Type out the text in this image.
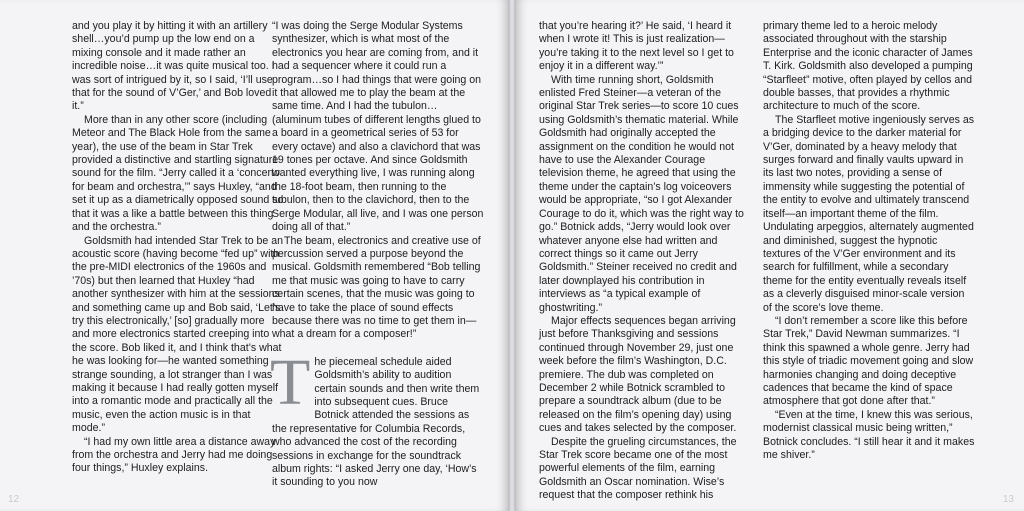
and you play it by hitting it with an artillery shell…you’d pump up the low end on a mixing console and it made rather an incredible noise…it was quite musical too. I was sort of intrigued by it, so I said, ‘I’ll use that for the sound of V’Ger,’ and Bob loved it.”

More than in any other score (including Meteor and The Black Hole from the same year), the use of the beam in Star Trek provided a distinctive and startling signature sound for the film. “Jerry called it a ‘concerto for beam and orchestra,’” says Huxley, “and set it up as a diametrically opposed sound so that it was a like a battle between this thing and the orchestra.”

Goldsmith had intended Star Trek to be an acoustic score (having become “fed up” with the pre-MIDI electronics of the 1960s and ’70s) but then learned that Huxley “had another synthesizer with him at the sessions and something came up and Bob said, ‘Let’s try this electronically,’ [so] gradually more and more electronics started creeping into the score. Bob liked it, and I think that’s what he was looking for—he wanted something strange sounding, a lot stranger than I was making it because I had really gotten myself into a romantic mode and practically all the music, even the action music is in that mode.”

“I had my own little area a distance away from the orchestra and Jerry had me doing four things,” Huxley explains.

“I was doing the Serge Modular Systems synthesizer, which is what most of the electronics you hear are coming from, and it had a sequencer where it could run a program…so I had things that were going on it that allowed me to play the beam at the same time. And I had the tubulon… (aluminum tubes of different lengths glued to a board in a geometrical series of 53 for every octave) and also a clavichord that was 19 tones per octave. And since Goldsmith wanted everything live, I was running along the 18-foot beam, then running to the tubulon, then to the clavichord, then to the Serge Modular, all live, and I was one person doing all of that.”

The beam, electronics and creative use of percussion served a purpose beyond the musical. Goldsmith remembered “Bob telling me that music was going to have to carry certain scenes, that the music was going to have to take the place of sound effects because there was no time to get them in—what a dream for a composer!”

The piecemeal schedule aided Goldsmith’s ability to audition certain sounds and then write them into subsequent cues. Bruce Botnick attended the sessions as the representative for Columbia Records, who advanced the cost of the recording sessions in exchange for the soundtrack album rights: “I asked Jerry one day, ‘How’s it sounding to you now

12

that you’re hearing it?’ He said, ‘I heard it when I wrote it! This is just realization—you’re taking it to the next level so I get to enjoy it in a different way.’”

With time running short, Goldsmith enlisted Fred Steiner—a veteran of the original Star Trek series—to score 10 cues using Goldsmith’s thematic material. While Goldsmith had originally accepted the assignment on the condition he would not have to use the Alexander Courage television theme, he agreed that using the theme under the captain’s log voiceovers would be appropriate, “so I got Alexander Courage to do it, which was the right way to go.” Botnick adds, “Jerry would look over whatever anyone else had written and correct things so it came out Jerry Goldsmith.” Steiner received no credit and later downplayed his contribution in interviews as “a typical example of ghostwriting.”

Major effects sequences began arriving just before Thanksgiving and sessions continued through November 29, just one week before the film’s Washington, D.C. premiere. The dub was completed on December 2 while Botnick scrambled to prepare a soundtrack album (due to be released on the film’s opening day) using cues and takes selected by the composer.

Despite the grueling circumstances, the Star Trek score became one of the most powerful elements of the film, earning Goldsmith an Oscar nomination. Wise’s request that the composer rethink his

primary theme led to a heroic melody associated throughout with the starship Enterprise and the iconic character of James T. Kirk. Goldsmith also developed a pumping “Starfleet” motive, often played by cellos and double basses, that provides a rhythmic architecture to much of the score.

The Starfleet motive ingeniously serves as a bridging device to the darker material for V’Ger, dominated by a heavy melody that surges forward and finally vaults upward in its last two notes, providing a sense of immensity while suggesting the potential of the entity to evolve and ultimately transcend itself—an important theme of the film. Undulating arpeggios, alternately augmented and diminished, suggest the hypnotic textures of the V’Ger environment and its search for fulfillment, while a secondary theme for the entity eventually reveals itself as a cleverly disguised minor-scale version of the score’s love theme.

“I don’t remember a score like this before Star Trek,” David Newman summarizes. “I think this spawned a whole genre. Jerry had this style of triadic movement going and slow harmonies changing and doing deceptive cadences that became the kind of space atmosphere that got done after that.”

“Even at the time, I knew this was serious, modernist classical music being written,” Botnick concludes. “I still hear it and it makes me shiver.”

13
